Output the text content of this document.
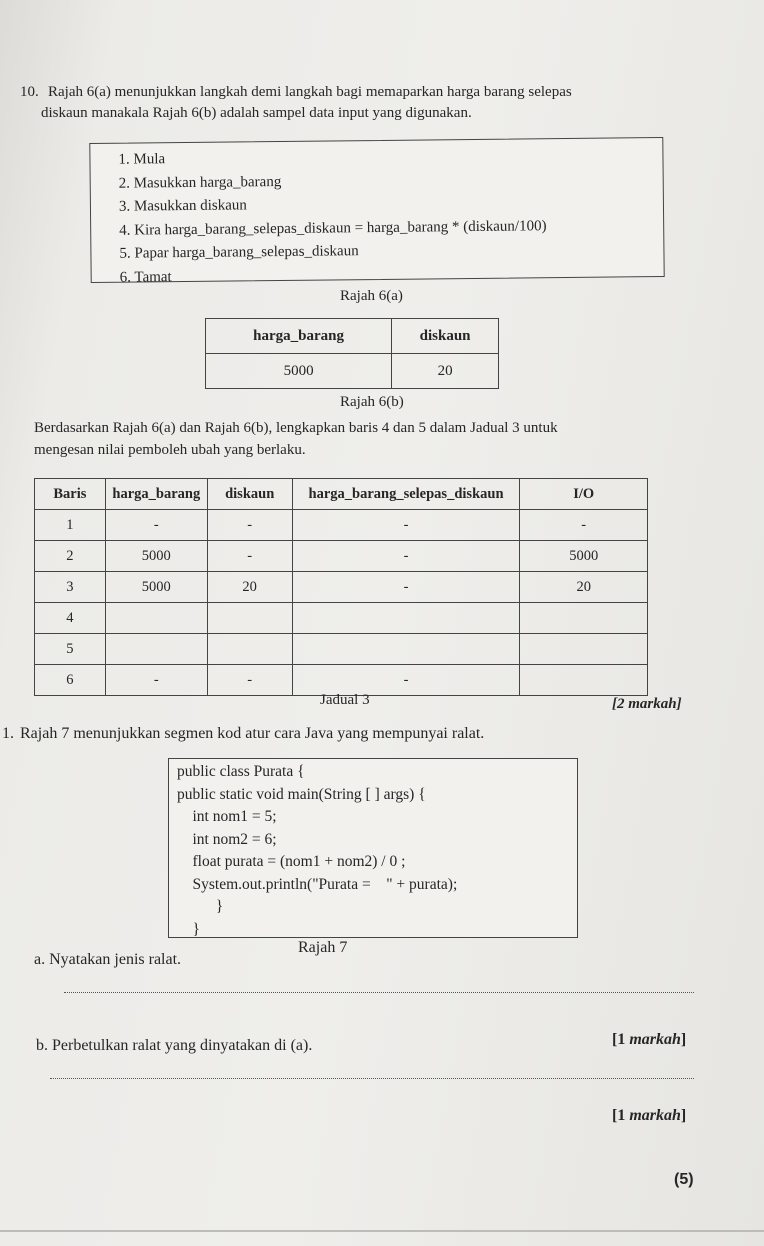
10. Rajah 6(a) menunjukkan langkah demi langkah bagi memaparkan harga barang selepas
diskaun manakala Rajah 6(b) adalah sampel data input yang digunakan.
1. Mula
2. Masukkan harga_barang
3. Masukkan diskaun
4. Kira harga_barang_selepas_diskaun = harga_barang * (diskaun/100)
5. Papar harga_barang_selepas_diskaun
6. Tamat
Rajah 6(a)
harga_barang	diskaun
5000	20
Rajah 6(b)
Berdasarkan Rajah 6(a) dan Rajah 6(b), lengkapkan baris 4 dan 5 dalam Jadual 3 untuk
mengesan nilai pemboleh ubah yang berlaku.
Baris	harga_barang	diskaun	harga_barang_selepas_diskaun	I/O
1	-	-	-	-
2	5000	-	-	5000
3	5000	20	-	20
4				
5				
6	-	-	-	
Jadual 3	[2 markah]
1. Rajah 7 menunjukkan segmen kod atur cara Java yang mempunyai ralat.
public class Purata {
public static void main(String [ ] args) {
int nom1 = 5;
int nom2 = 6;
float purata = (nom1 + nom2) / 0 ;
System.out.println("Purata =    " + purata);
}
}
Rajah 7
a. Nyatakan jenis ralat.
[1 markah]
b. Perbetulkan ralat yang dinyatakan di (a).
[1 markah]
(5)
